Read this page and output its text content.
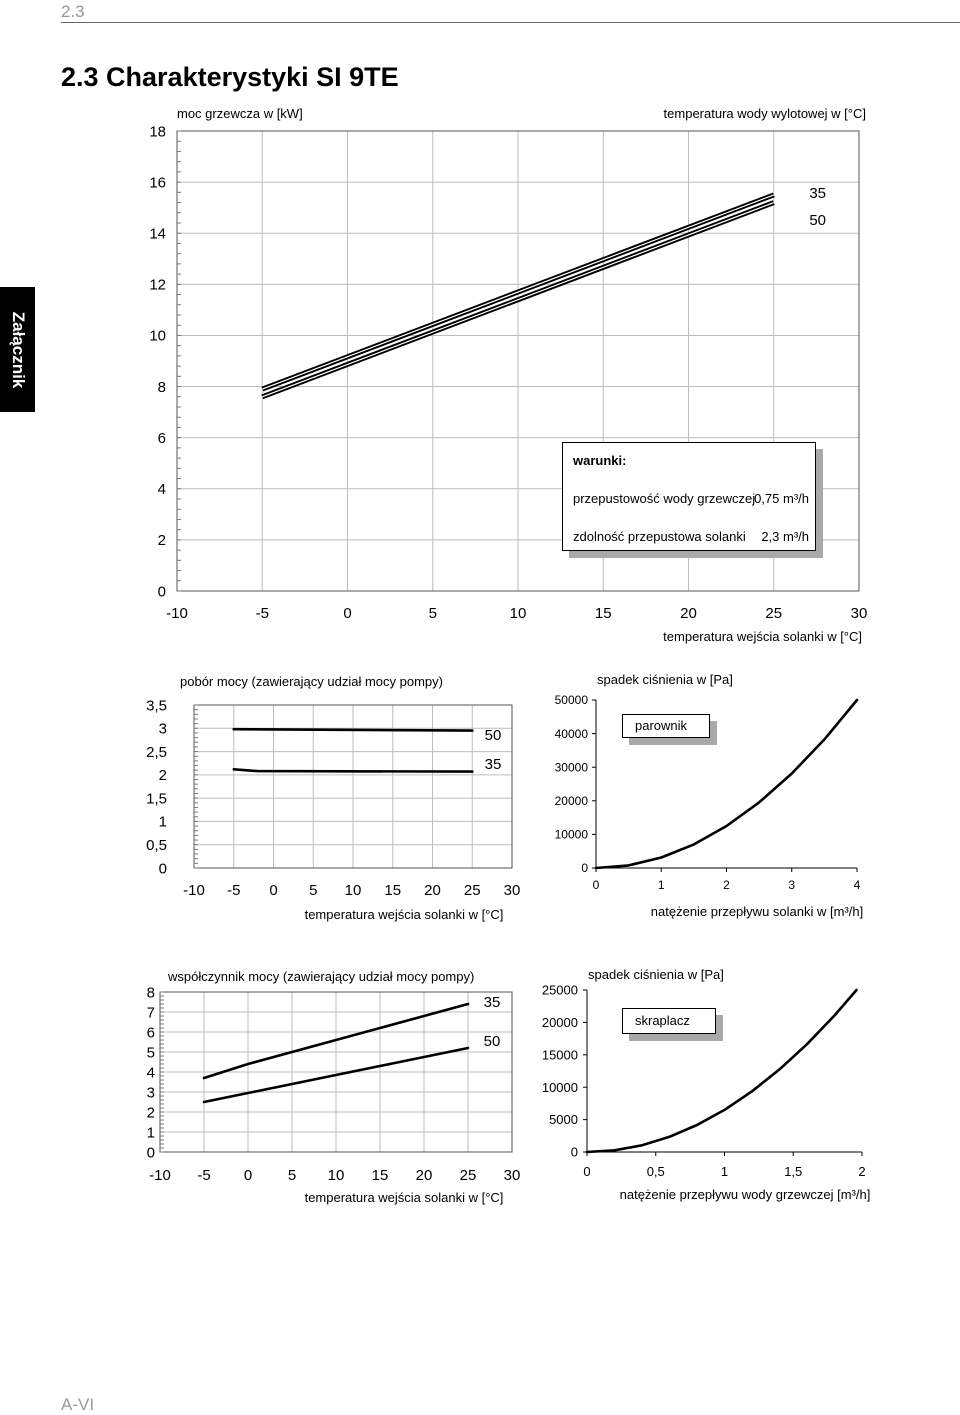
2.3
2.3 Charakterystyki SI 9TE
Załącznik
-10	-5	0	5	10	15	20	25	30
0
2
4
6
8
10
12
14
16
18
moc grzewcza w [kW]
temperatura wejścia solanki w [°C]
temperatura wody wylotowej w [°C]
35
50
-10 -5 0 5 10 15 20 25 30
0
0,5
1
1,5
2
2,5
3
3,5
pobór mocy (zawierający udział mocy pompy)
temperatura wejścia solanki w [°C]
50
35
0	1	2	3	4
0
10000
20000
30000
40000
50000
spadek ciśnienia w [Pa]
natężenie przepływu solanki w [m³/h]
-10 -5 0 5 10 15 20 25 30
0
1
2
3
4
5
6
7
8
współczynnik mocy (zawierający udział mocy pompy)
temperatura wejścia solanki w [°C]
35
50
0	0,5	1	1,5	2
0
5000
10000
15000
20000
25000
spadek ciśnienia w [Pa]
natężenie przepływu wody grzewczej [m³/h]
warunki:
przepustowość wody grzewczej 0,75 m³/h
zdolność przepustowa solanki 2,3 m³/h
parownik
skraplacz
A-VI
